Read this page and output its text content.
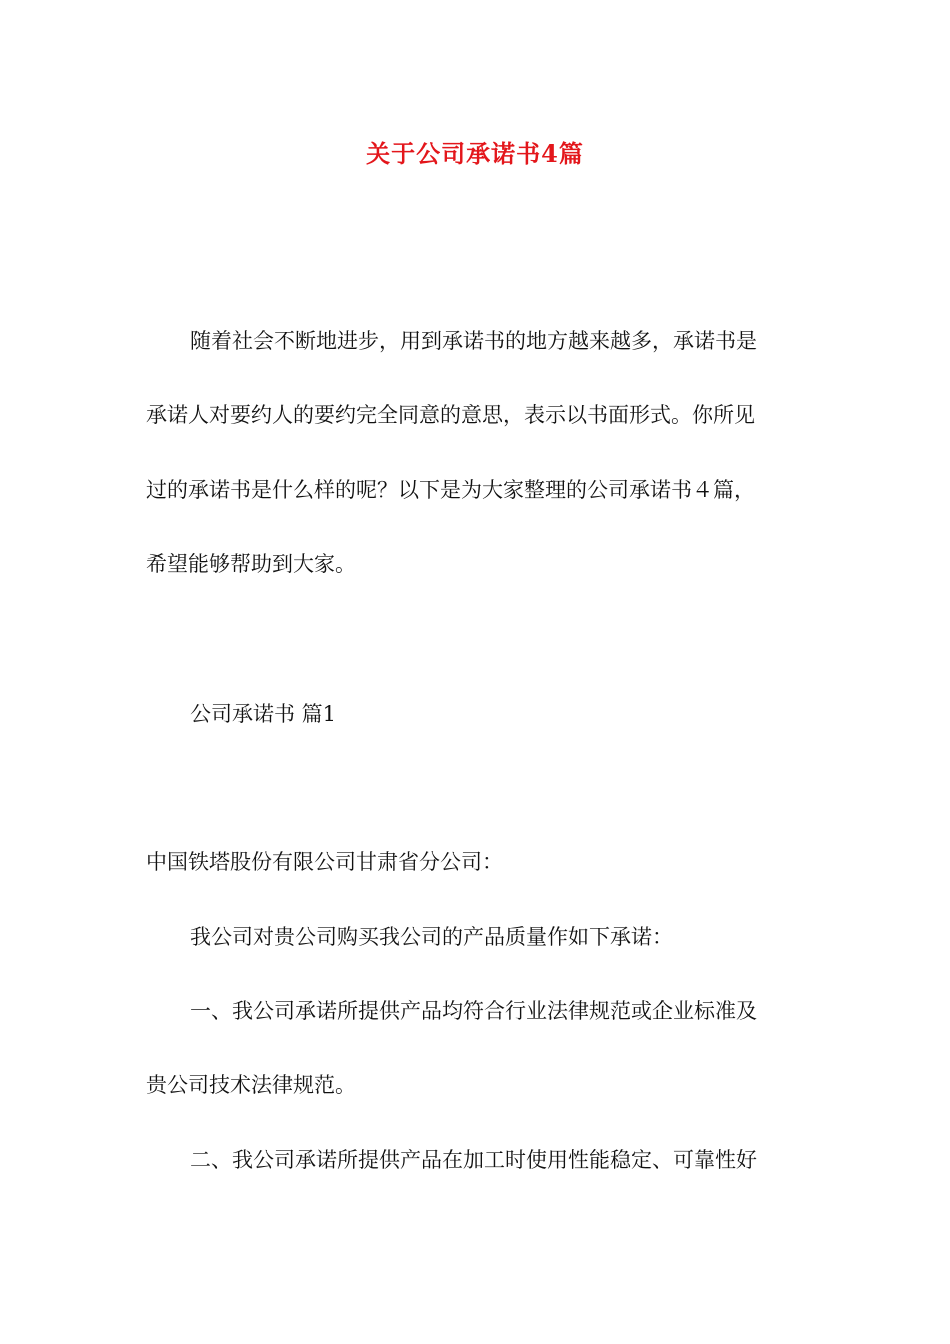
关于公司承诺书4篇

随着社会不断地进步，用到承诺书的地方越来越多，承诺书是

承诺人对要约人的要约完全同意的意思，表示以书面形式。你所见

过的承诺书是什么样的呢？以下是为大家整理的公司承诺书４篇，

希望能够帮助到大家。

公司承诺书 篇1

中国铁塔股份有限公司甘肃省分公司：

我公司对贵公司购买我公司的产品质量作如下承诺：

一、我公司承诺所提供产品均符合行业法律规范或企业标准及

贵公司技术法律规范。

二、我公司承诺所提供产品在加工时使用性能稳定、可靠性好
